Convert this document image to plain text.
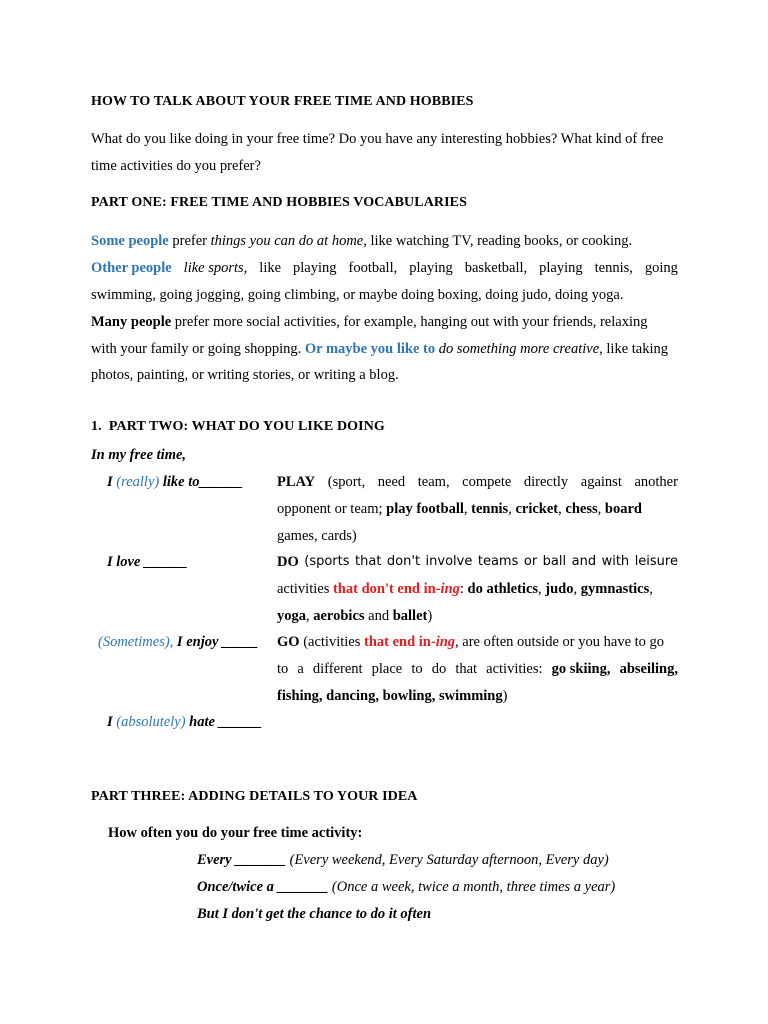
HOW TO TALK ABOUT YOUR FREE TIME AND HOBBIES
What do you like doing in your free time? Do you have any interesting hobbies? What kind of free
time activities do you prefer?
PART ONE: FREE TIME AND HOBBIES VOCABULARIES
Some people prefer things you can do at home, like watching TV, reading books, or cooking.
Other people like sports, like playing football, playing basketball, playing tennis, going
swimming, going jogging, going climbing, or maybe doing boxing, doing judo, doing yoga.
Many people prefer more social activities, for example, hanging out with your friends, relaxing
with your family or going shopping. Or maybe you like to do something more creative, like taking
photos, painting, or writing stories, or writing a blog.
1. PART TWO: WHAT DO YOU LIKE DOING
In my free time,
I (really) like to______ PLAY (sport, need team, compete directly against another
opponent or team; play football, tennis, cricket, chess, board
games, cards)
I love ______	DO (sports that don't involve teams or ball and with leisure
activities that don't end in-ing: do athletics, judo, gymnastics,
yoga, aerobics and ballet)
(Sometimes), I enjoy _____ GO (activities that end in-ing, are often outside or you have to go
to a different place to do that activities: go skiing, abseiling,
fishing, dancing, bowling, swimming)
I (absolutely) hate ______
PART THREE: ADDING DETAILS TO YOUR IDEA
How often you do your free time activity:
Every _______ (Every weekend, Every Saturday afternoon, Every day)
Once/twice a _______ (Once a week, twice a month, three times a year)
But I don't get the chance to do it often
